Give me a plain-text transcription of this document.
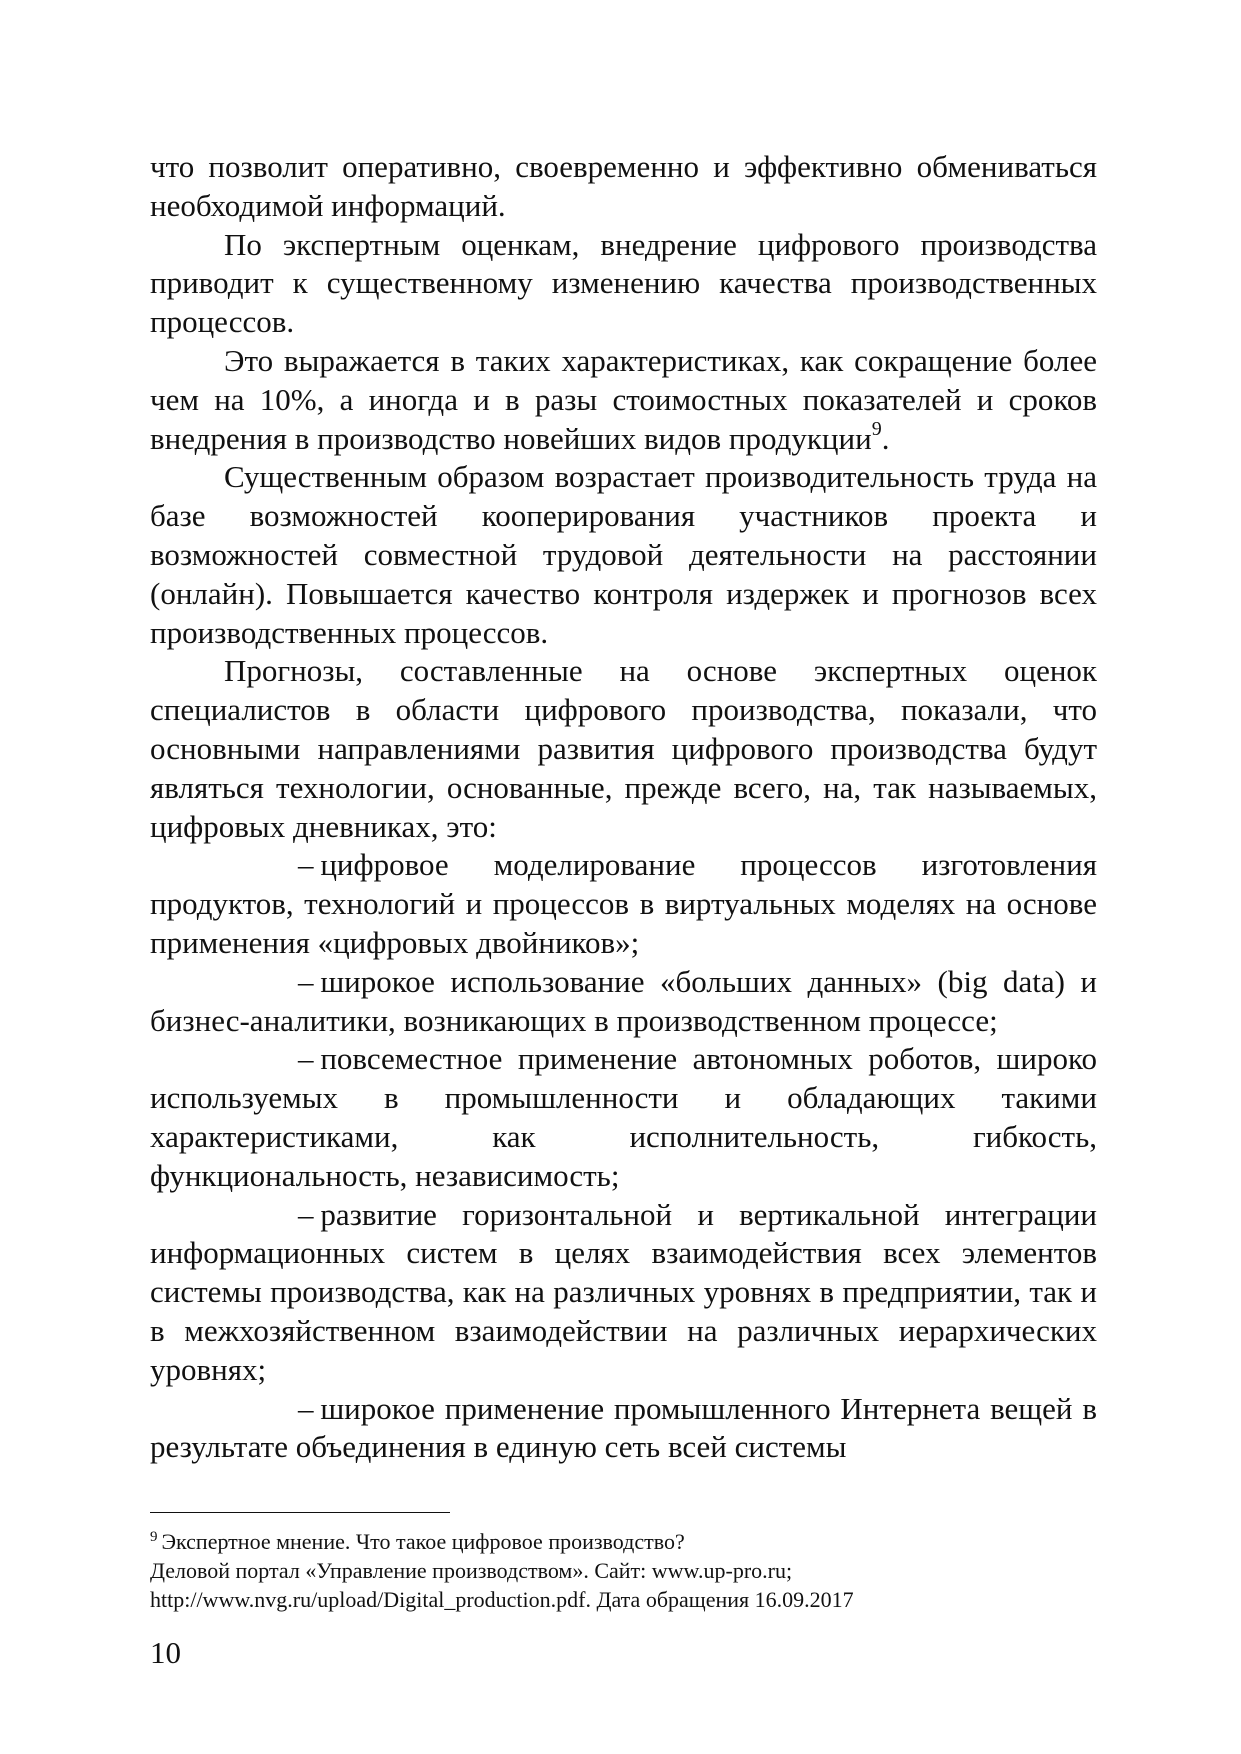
что позволит оперативно, своевременно и эффективно обмениваться необходимой информаций.

По экспертным оценкам, внедрение цифрового производства приводит к существенному изменению качества производственных процессов.

Это выражается в таких характеристиках, как сокращение более чем на 10%, а иногда и в разы стоимостных показателей и сроков внедрения в производство новейших видов продукции$^9$.

Существенным образом возрастает производительность труда на базе возможностей кооперирования участников проекта и возможностей совместной трудовой деятельности на расстоянии (онлайн). Повышается качество контроля издержек и прогнозов всех производственных процессов.

Прогнозы, составленные на основе экспертных оценок специалистов в области цифрового производства, показали, что основными направлениями развития цифрового производства будут являться технологии, основанные, прежде всего, на, так называемых, цифровых дневниках, это:

– цифровое моделирование процессов изготовления продуктов, технологий и процессов в виртуальных моделях на основе применения «цифровых двойников»;

– широкое использование «больших данных» (big data) и бизнес-аналитики, возникающих в производственном процессе;

– повсеместное применение автономных роботов, широко используемых в промышленности и обладающих такими характеристиками, как исполнительность, гибкость, функциональность, независимость;

– развитие горизонтальной и вертикальной интеграции информационных систем в целях взаимодействия всех элементов системы производства, как на различных уровнях в предприятии, так и в межхозяйственном взаимодействии на различных иерархических уровнях;

– широкое применение промышленного Интернета вещей в результате объединения в единую сеть всей системы

$^9$ Экспертное мнение. Что такое цифровое производство?
Деловой портал «Управление производством». Сайт: www.up-pro.ru;
http://www.nvg.ru/upload/Digital_production.pdf. Дата обращения 16.09.2017
10
